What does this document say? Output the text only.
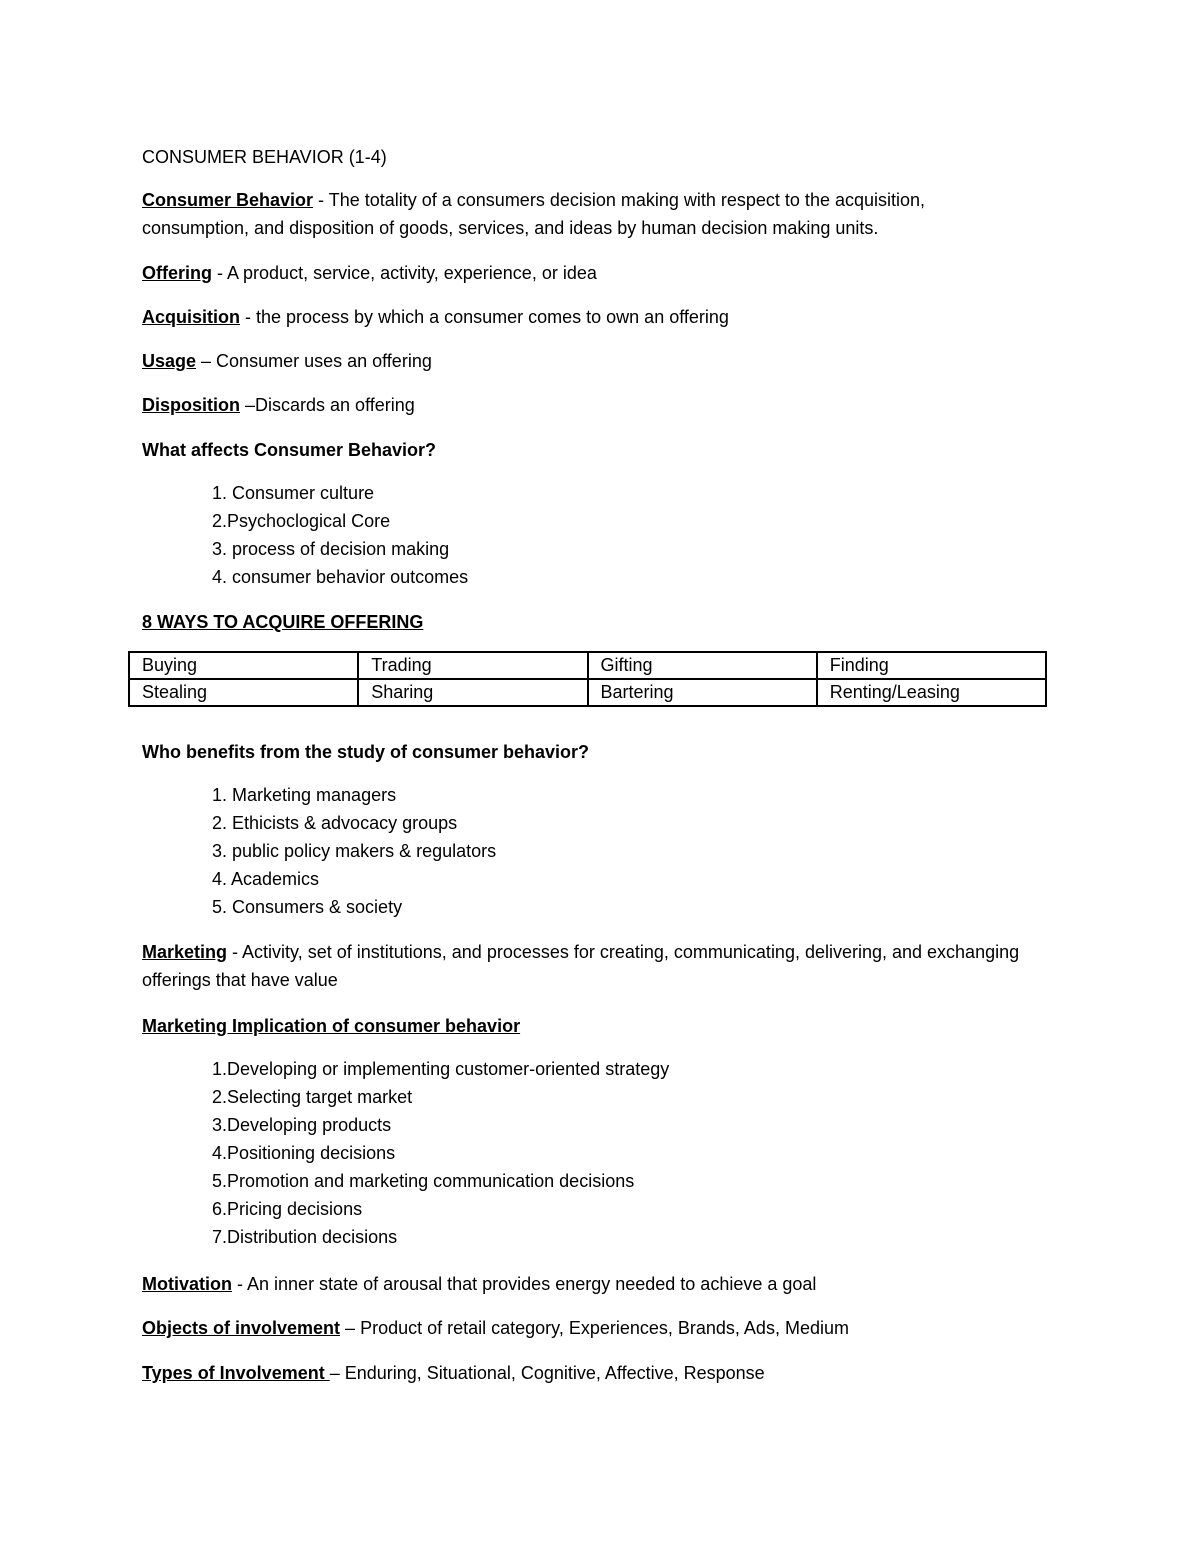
CONSUMER BEHAVIOR (1-4)

Consumer Behavior - The totality of a consumers decision making with respect to the acquisition, consumption, and disposition of goods, services, and ideas by human decision making units.

Offering - A product, service, activity, experience, or idea

Acquisition - the process by which a consumer comes to own an offering

Usage – Consumer uses an offering

Disposition –Discards an offering

What affects Consumer Behavior?

1. Consumer culture
2.Psychoclogical Core
3. process of decision making
4. consumer behavior outcomes

8 WAYS TO ACQUIRE OFFERING

Buying	Trading	Gifting	Finding
Stealing	Sharing	Bartering	Renting/Leasing

Who benefits from the study of consumer behavior?

1. Marketing managers
2. Ethicists & advocacy groups
3. public policy makers & regulators
4. Academics
5. Consumers & society

Marketing - Activity, set of institutions, and processes for creating, communicating, delivering, and exchanging offerings that have value

Marketing Implication of consumer behavior

1.Developing or implementing customer-oriented strategy
2.Selecting target market
3.Developing products
4.Positioning decisions
5.Promotion and marketing communication decisions
6.Pricing decisions
7.Distribution decisions

Motivation - An inner state of arousal that provides energy needed to achieve a goal

Objects of involvement – Product of retail category, Experiences, Brands, Ads, Medium

Types of Involvement – Enduring, Situational, Cognitive, Affective, Response
